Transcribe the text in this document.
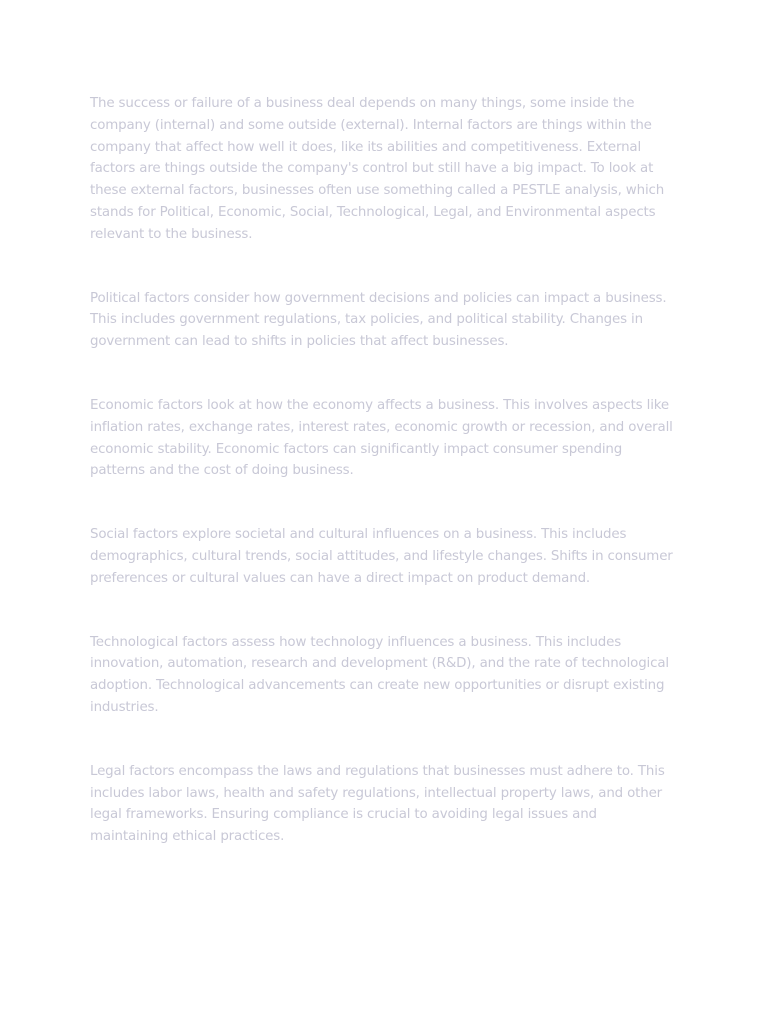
The success or failure of a business deal depends on many things, some inside the company (internal) and some outside (external). Internal factors are things within the company that affect how well it does, like its abilities and competitiveness. External factors are things outside the company's control but still have a big impact. To look at these external factors, businesses often use something called a PESTLE analysis, which stands for Political, Economic, Social, Technological, Legal, and Environmental aspects relevant to the business.

Political factors consider how government decisions and policies can impact a business. This includes government regulations, tax policies, and political stability. Changes in government can lead to shifts in policies that affect businesses.

Economic factors look at how the economy affects a business. This involves aspects like inflation rates, exchange rates, interest rates, economic growth or recession, and overall economic stability. Economic factors can significantly impact consumer spending patterns and the cost of doing business.

Social factors explore societal and cultural influences on a business. This includes demographics, cultural trends, social attitudes, and lifestyle changes. Shifts in consumer preferences or cultural values can have a direct impact on product demand.

Technological factors assess how technology influences a business. This includes innovation, automation, research and development (R&D), and the rate of technological adoption. Technological advancements can create new opportunities or disrupt existing industries.

Legal factors encompass the laws and regulations that businesses must adhere to. This includes labor laws, health and safety regulations, intellectual property laws, and other legal frameworks. Ensuring compliance is crucial to avoiding legal issues and maintaining ethical practices.
